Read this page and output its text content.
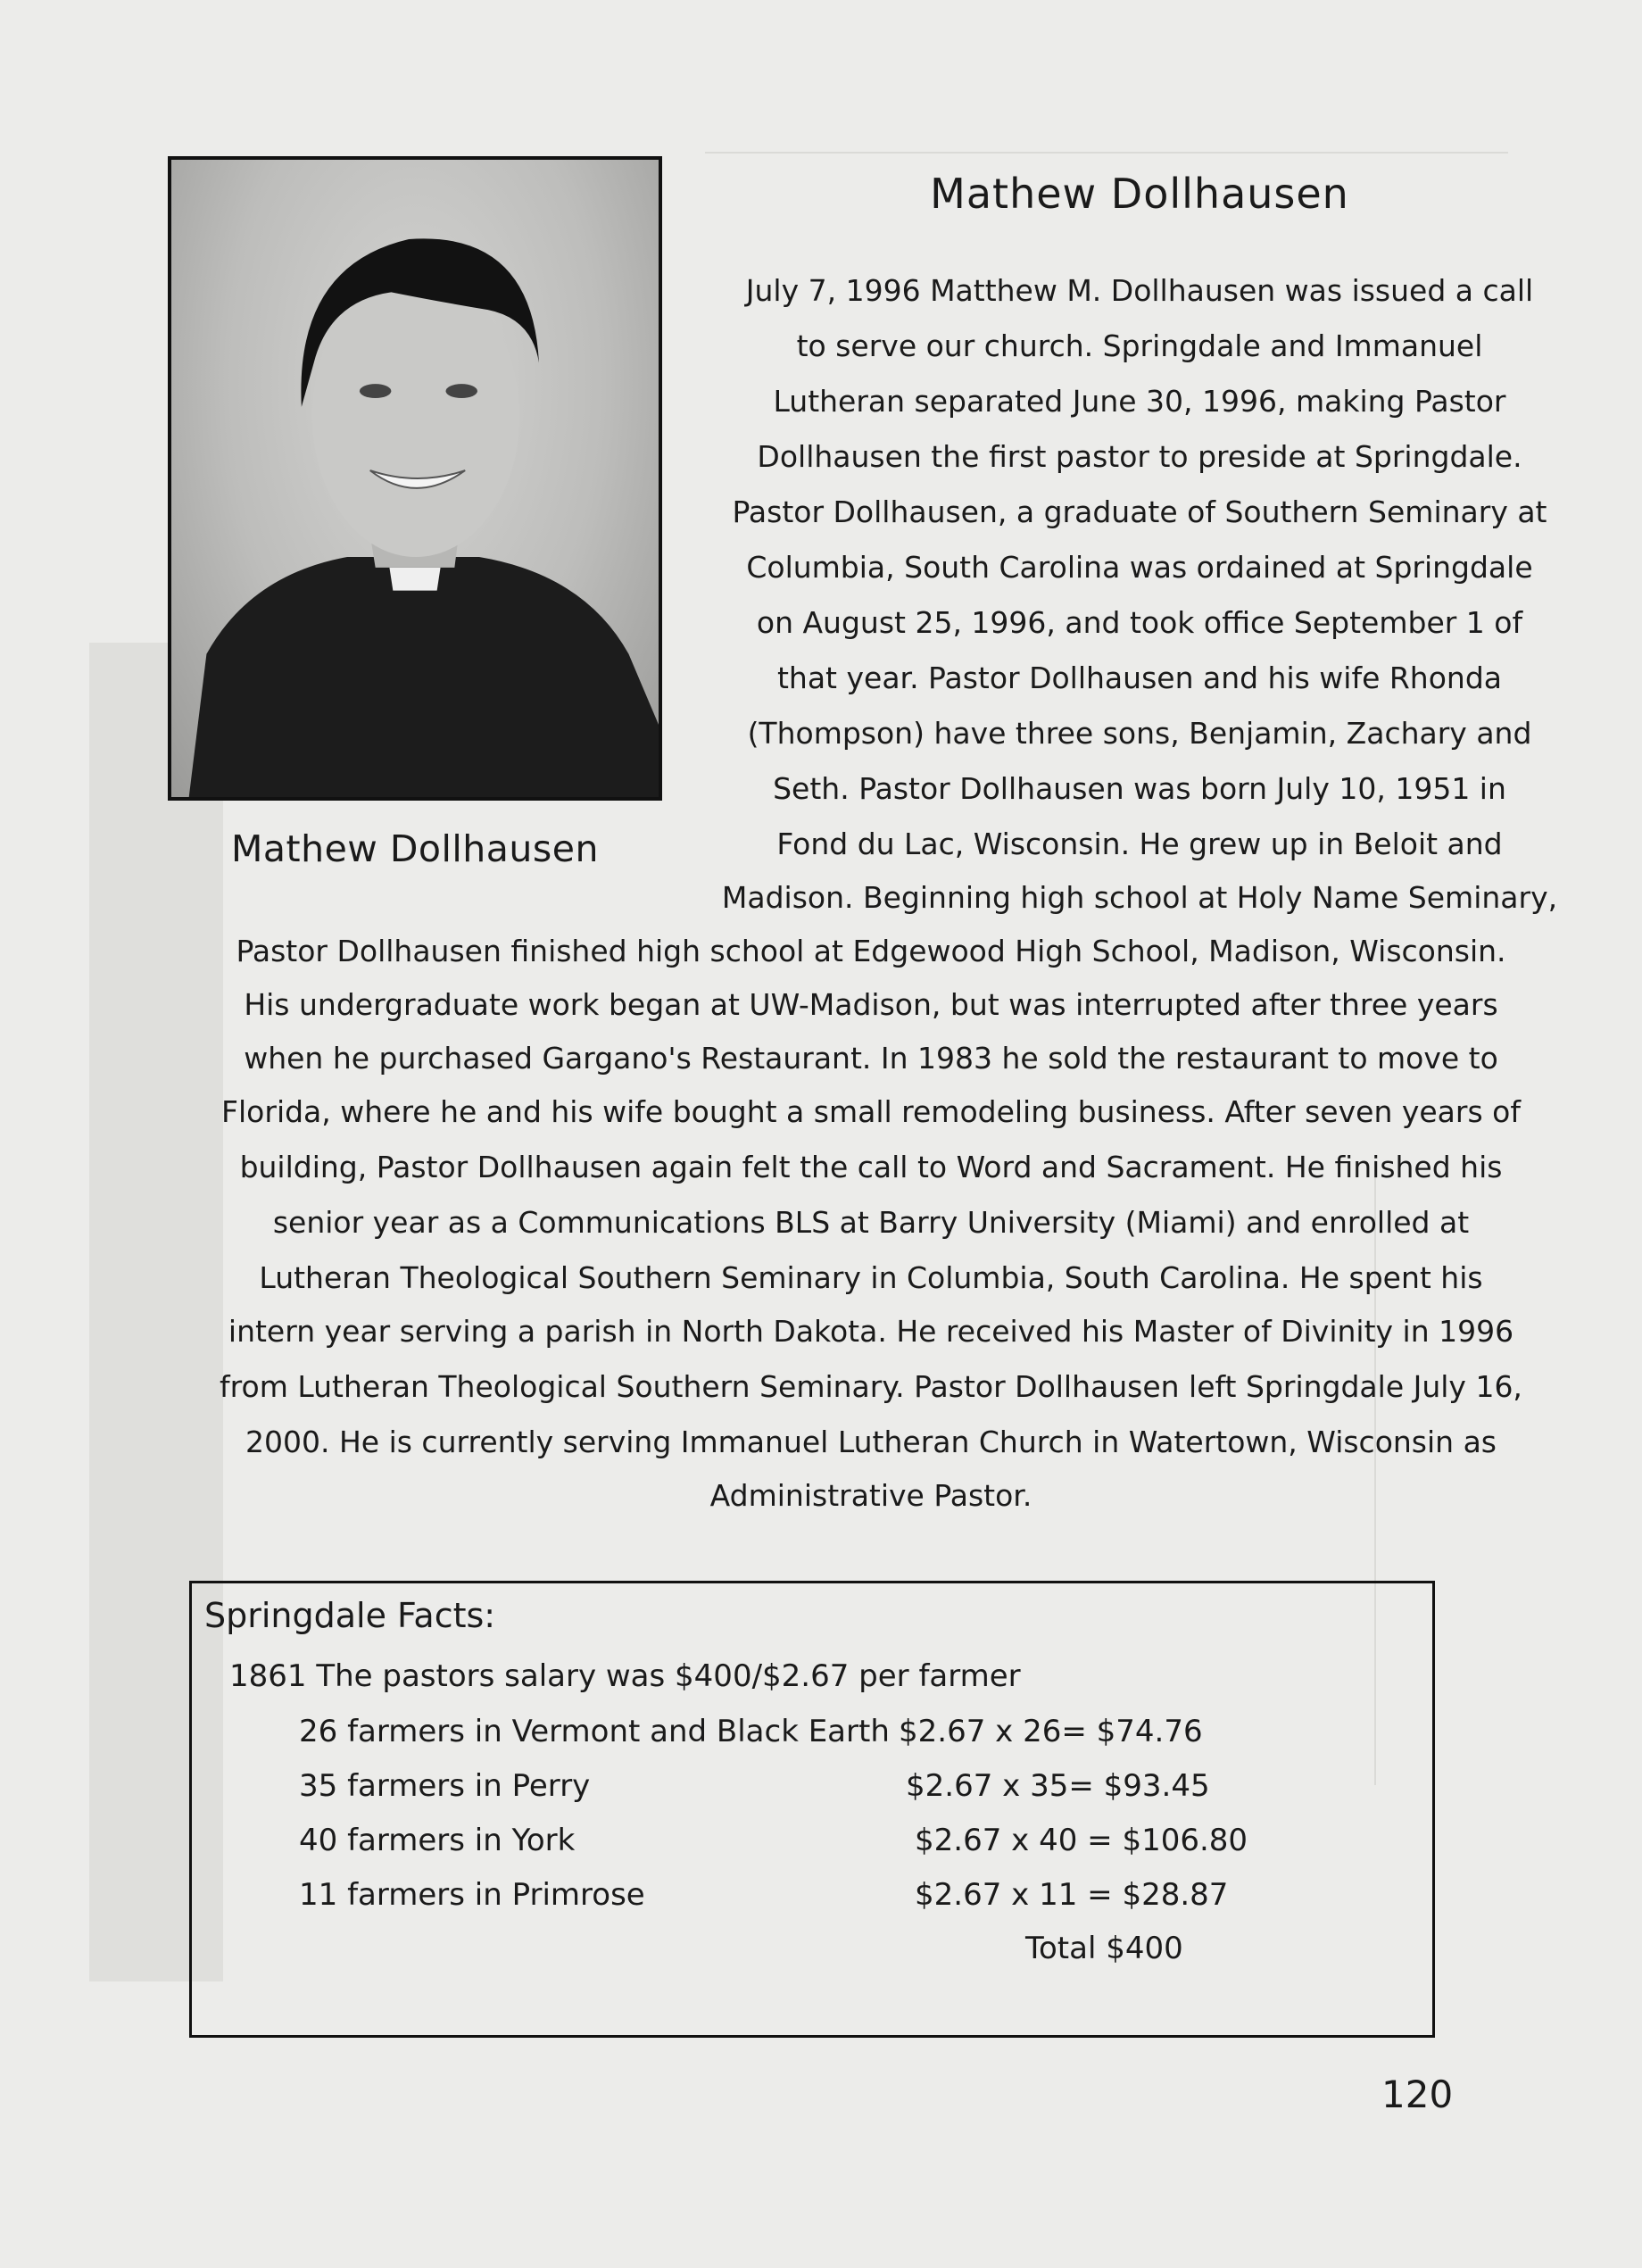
Mathew Dollhausen
Mathew Dollhausen
July 7, 1996 Matthew M. Dollhausen was issued a call
to serve our church. Springdale and Immanuel
Lutheran separated June 30, 1996, making Pastor
Dollhausen the first pastor to preside at Springdale.
Pastor Dollhausen, a graduate of Southern Seminary at
Columbia, South Carolina was ordained at Springdale
on August 25, 1996, and took office September 1 of
that year. Pastor Dollhausen and his wife Rhonda
(Thompson) have three sons, Benjamin, Zachary and
Seth. Pastor Dollhausen was born July 10, 1951 in
Fond du Lac, Wisconsin. He grew up in Beloit and
Madison. Beginning high school at Holy Name Seminary,
Pastor Dollhausen finished high school at Edgewood High School, Madison, Wisconsin.
His undergraduate work began at UW-Madison, but was interrupted after three years
when he purchased Gargano's Restaurant. In 1983 he sold the restaurant to move to
Florida, where he and his wife bought a small remodeling business. After seven years of
building, Pastor Dollhausen again felt the call to Word and Sacrament. He finished his
senior year as a Communications BLS at Barry University (Miami) and enrolled at
Lutheran Theological Southern Seminary in Columbia, South Carolina. He spent his
intern year serving a parish in North Dakota. He received his Master of Divinity in 1996
from Lutheran Theological Southern Seminary. Pastor Dollhausen left Springdale July 16,
2000. He is currently serving Immanuel Lutheran Church in Watertown, Wisconsin as
Administrative Pastor.
Springdale Facts:
1861 The pastors salary was $400/$2.67 per farmer
26 farmers in Vermont and Black Earth $2.67 x 26= $74.76
35 farmers in Perry	$2.67 x 35= $93.45
40 farmers in York	$2.67 x 40 = $106.80
11 farmers in Primrose	$2.67 x 11 = $28.87
Total $400
120
